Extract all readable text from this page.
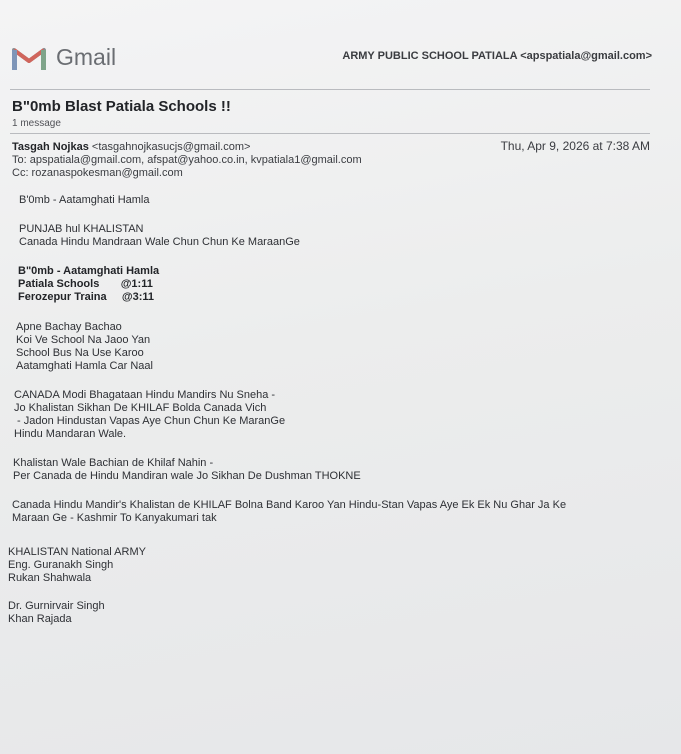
Gmail	ARMY PUBLIC SCHOOL PATIALA <apspatiala@gmail.com>
B"0mb Blast Patiala Schools !!
1 message
Tasgah Nojkas <tasgahnojkasucjs@gmail.com>
To: apspatiala@gmail.com, afspat@yahoo.co.in, kvpatiala1@gmail.com
Cc: rozanaspokesman@gmail.com
Thu, Apr 9, 2026 at 7:38 AM
B'0mb - Aatamghati Hamla
PUNJAB hul KHALISTAN
Canada Hindu Mandraan Wale Chun Chun Ke MaraanGe
B"0mb - Aatamghati Hamla
Patiala Schools       @1:11
Ferozepur Traina     @3:11
Apne Bachay Bachao
Koi Ve School Na Jaoo Yan
School Bus Na Use Karoo
Aatamghati Hamla Car Naal
CANADA Modi Bhagataan Hindu Mandirs Nu Sneha -
Jo Khalistan Sikhan De KHILAF Bolda Canada Vich
- Jadon Hindustan Vapas Aye Chun Chun Ke MaranGe
Hindu Mandaran Wale.
Khalistan Wale Bachian de Khilaf Nahin -
Per Canada de Hindu Mandiran wale Jo Sikhan De Dushman THOKNE
Canada Hindu Mandir's Khalistan de KHILAF Bolna Band Karoo Yan Hindu-Stan Vapas Aye Ek Ek Nu Ghar Ja Ke
Maraan Ge - Kashmir To Kanyakumari tak
KHALISTAN National ARMY
Eng. Guranakh Singh
Rukan Shahwala
Dr. Gurnirvair Singh
Khan Rajada
